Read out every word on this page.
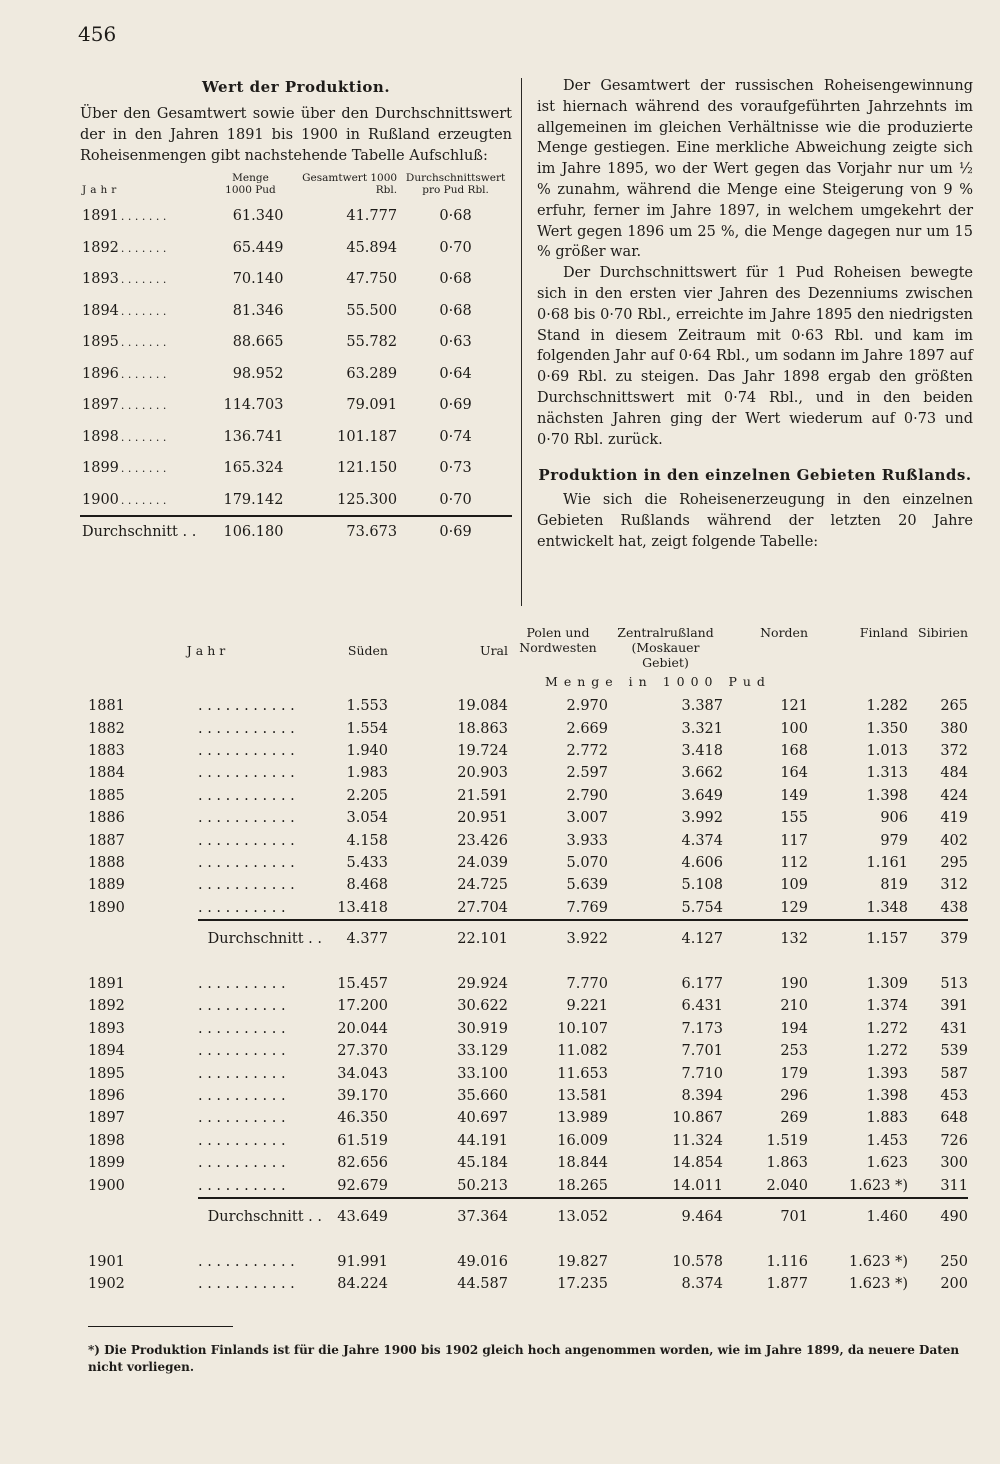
456
Wert der Produktion.

Über den Gesamtwert sowie über den Durchschnittswert der in den Jahren 1891 bis 1900 in Rußland erzeugten Roheisenmengen gibt nachstehende Tabelle Aufschluß:

Jahr	Menge 1000 Pud	Gesamtwert 1000 Rbl.	Durchschnittswert pro Pud Rbl.
1891 . . . . . . .	61.340	41.777	0·68
1892 . . . . . . .	65.449	45.894	0·70
1893 . . . . . . .	70.140	47.750	0·68
1894 . . . . . . .	81.346	55.500	0·68
1895 . . . . . . .	88.665	55.782	0·63
1896 . . . . . . .	98.952	63.289	0·64
1897 . . . . . . .	114.703	79.091	0·69
1898 . . . . . . .	136.741	101.187	0·74
1899 . . . . . . .	165.324	121.150	0·73
1900 . . . . . . .	179.142	125.300	0·70
Durchschnitt . .	106.180	73.673	0·69

Der Gesamtwert der russischen Roheisengewinnung ist hiernach während des voraufgeführten Jahrzehnts im allgemeinen im gleichen Verhältnisse wie die produzierte Menge gestiegen. Eine merkliche Abweichung zeigte sich im Jahre 1895, wo der Wert gegen das Vorjahr nur um ½ % zunahm, während die Menge eine Steigerung von 9 % erfuhr, ferner im Jahre 1897, in welchem umgekehrt der Wert gegen 1896 um 25 %, die Menge dagegen nur um 15 % größer war.

Der Durchschnittswert für 1 Pud Roheisen bewegte sich in den ersten vier Jahren des Dezenniums zwischen 0·68 bis 0·70 Rbl., erreichte im Jahre 1895 den niedrigsten Stand in diesem Zeitraum mit 0·63 Rbl. und kam im folgenden Jahr auf 0·64 Rbl., um sodann im Jahre 1897 auf 0·69 Rbl. zu steigen. Das Jahr 1898 ergab den größten Durchschnittswert mit 0·74 Rbl., und in den beiden nächsten Jahren ging der Wert wiederum auf 0·73 und 0·70 Rbl. zurück.

Produktion in den einzelnen Gebieten Rußlands.

Wie sich die Roheisenerzeugung in den einzelnen Gebieten Rußlands während der letzten 20 Jahre entwickelt hat, zeigt folgende Tabelle:

Jahr		Süden	Ural	Polen und Nordwesten	Zentralrußland (Moskauer Gebiet)	Norden	Finland	Sibirien
				Menge in 1000 Pud				
1881	. . . . . . . . . . .	1.553	19.084	2.970	3.387	121	1.282	265
1882	. . . . . . . . . . .	1.554	18.863	2.669	3.321	100	1.350	380
1883	. . . . . . . . . . .	1.940	19.724	2.772	3.418	168	1.013	372
1884	. . . . . . . . . . .	1.983	20.903	2.597	3.662	164	1.313	484
1885	. . . . . . . . . . .	2.205	21.591	2.790	3.649	149	1.398	424
1886	. . . . . . . . . . .	3.054	20.951	3.007	3.992	155	906	419
1887	. . . . . . . . . . .	4.158	23.426	3.933	4.374	117	979	402
1888	. . . . . . . . . . .	5.433	24.039	5.070	4.606	112	1.161	295
1889	. . . . . . . . . . .	8.468	24.725	5.639	5.108	109	819	312
1890	. . . . . . . . . .	13.418	27.704	7.769	5.754	129	1.348	438
	Durchschnitt . .	4.377	22.101	3.922	4.127	132	1.157	379

1891	. . . . . . . . . .	15.457	29.924	7.770	6.177	190	1.309	513
1892	. . . . . . . . . .	17.200	30.622	9.221	6.431	210	1.374	391
1893	. . . . . . . . . .	20.044	30.919	10.107	7.173	194	1.272	431
1894	. . . . . . . . . .	27.370	33.129	11.082	7.701	253	1.272	539
1895	. . . . . . . . . .	34.043	33.100	11.653	7.710	179	1.393	587
1896	. . . . . . . . . .	39.170	35.660	13.581	8.394	296	1.398	453
1897	. . . . . . . . . .	46.350	40.697	13.989	10.867	269	1.883	648
1898	. . . . . . . . . .	61.519	44.191	16.009	11.324	1.519	1.453	726
1899	. . . . . . . . . .	82.656	45.184	18.844	14.854	1.863	1.623	300
1900	. . . . . . . . . .	92.679	50.213	18.265	14.011	2.040	1.623 *)	311
	Durchschnitt . .	43.649	37.364	13.052	9.464	701	1.460	490

1901	. . . . . . . . . . .	91.991	49.016	19.827	10.578	1.116	1.623 *)	250
1902	. . . . . . . . . . .	84.224	44.587	17.235	8.374	1.877	1.623 *)	200
*) Die Produktion Finlands ist für die Jahre 1900 bis 1902 gleich hoch angenommen worden, wie im Jahre 1899, da neuere Daten nicht vorliegen.
